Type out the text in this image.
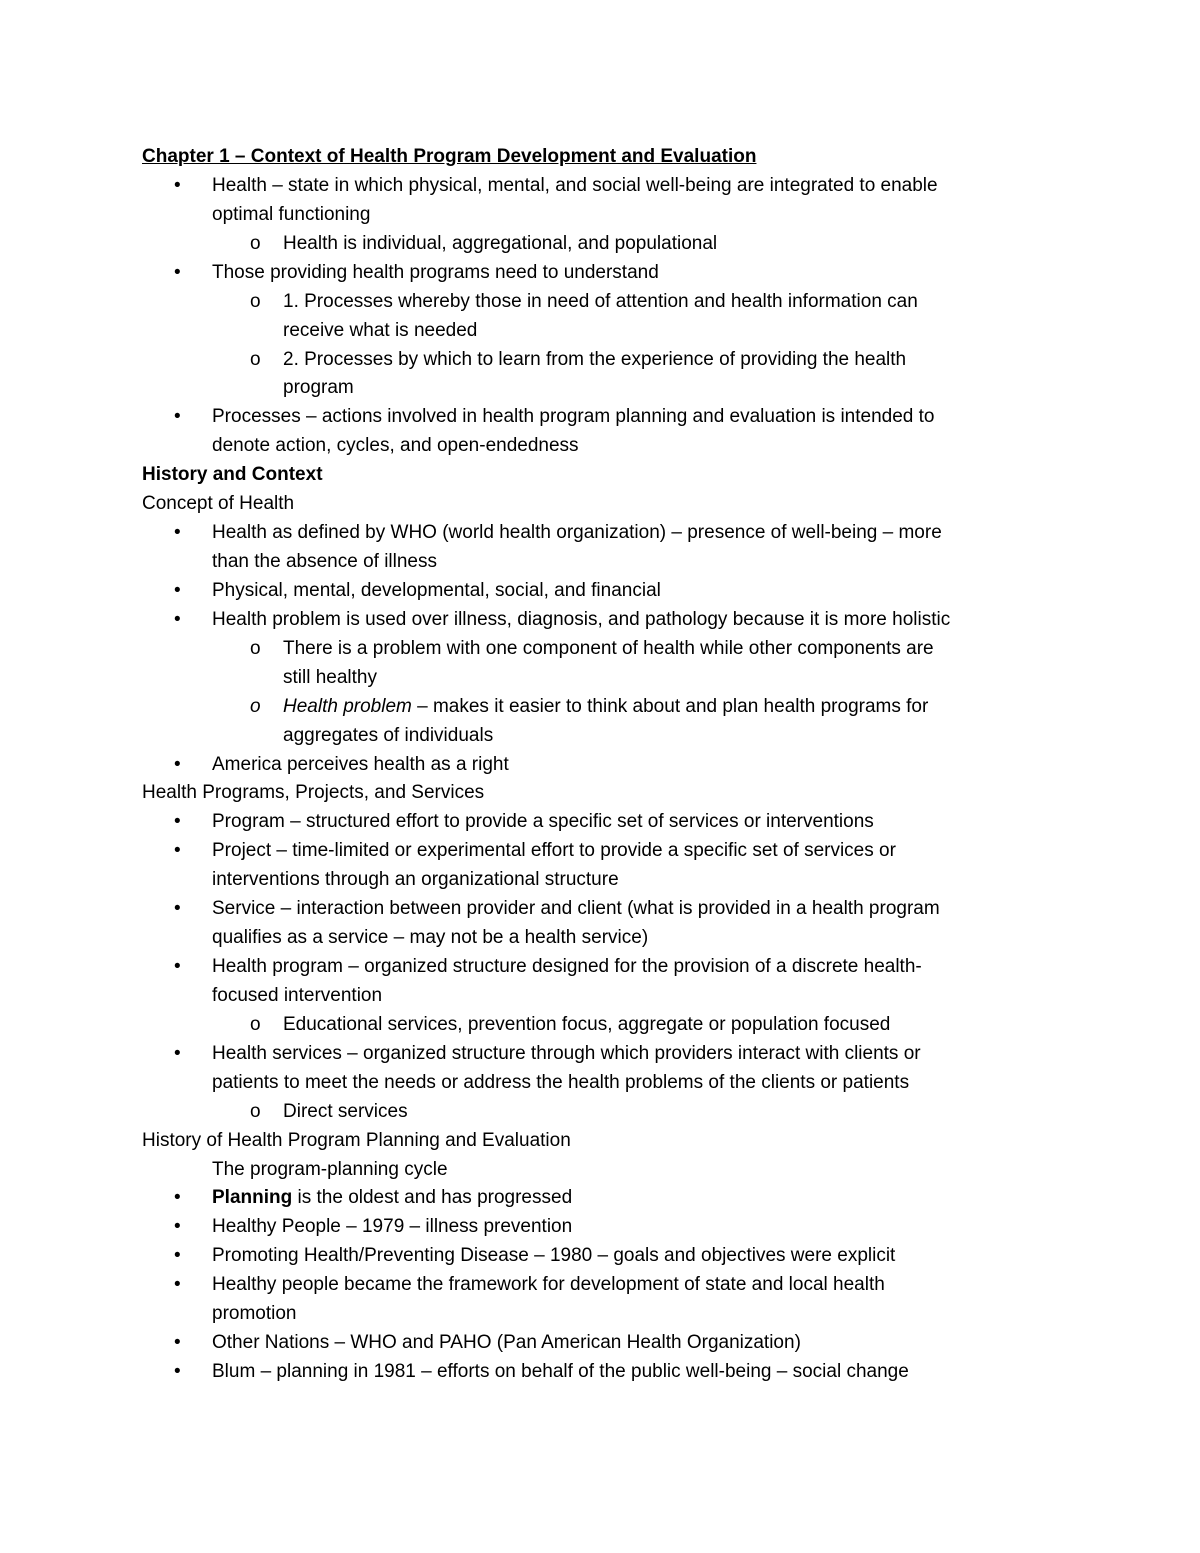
Chapter 1 – Context of Health Program Development and Evaluation
• Health – state in which physical, mental, and social well-being are integrated to enable
optimal functioning
o Health is individual, aggregational, and populational
• Those providing health programs need to understand
o 1. Processes whereby those in need of attention and health information can
receive what is needed
o 2. Processes by which to learn from the experience of providing the health
program
• Processes – actions involved in health program planning and evaluation is intended to
denote action, cycles, and open-endedness
History and Context
Concept of Health
• Health as defined by WHO (world health organization) – presence of well-being – more
than the absence of illness
• Physical, mental, developmental, social, and financial
• Health problem is used over illness, diagnosis, and pathology because it is more holistic
o There is a problem with one component of health while other components are
still healthy
o Health problem – makes it easier to think about and plan health programs for
aggregates of individuals
• America perceives health as a right
Health Programs, Projects, and Services
• Program – structured effort to provide a specific set of services or interventions
• Project – time-limited or experimental effort to provide a specific set of services or
interventions through an organizational structure
• Service – interaction between provider and client (what is provided in a health program
qualifies as a service – may not be a health service)
• Health program – organized structure designed for the provision of a discrete health-
focused intervention
o Educational services, prevention focus, aggregate or population focused
• Health services – organized structure through which providers interact with clients or
patients to meet the needs or address the health problems of the clients or patients
o Direct services
History of Health Program Planning and Evaluation
The program-planning cycle
• Planning is the oldest and has progressed
• Healthy People – 1979 – illness prevention
• Promoting Health/Preventing Disease – 1980 – goals and objectives were explicit
• Healthy people became the framework for development of state and local health
promotion
• Other Nations – WHO and PAHO (Pan American Health Organization)
• Blum – planning in 1981 – efforts on behalf of the public well-being – social change
